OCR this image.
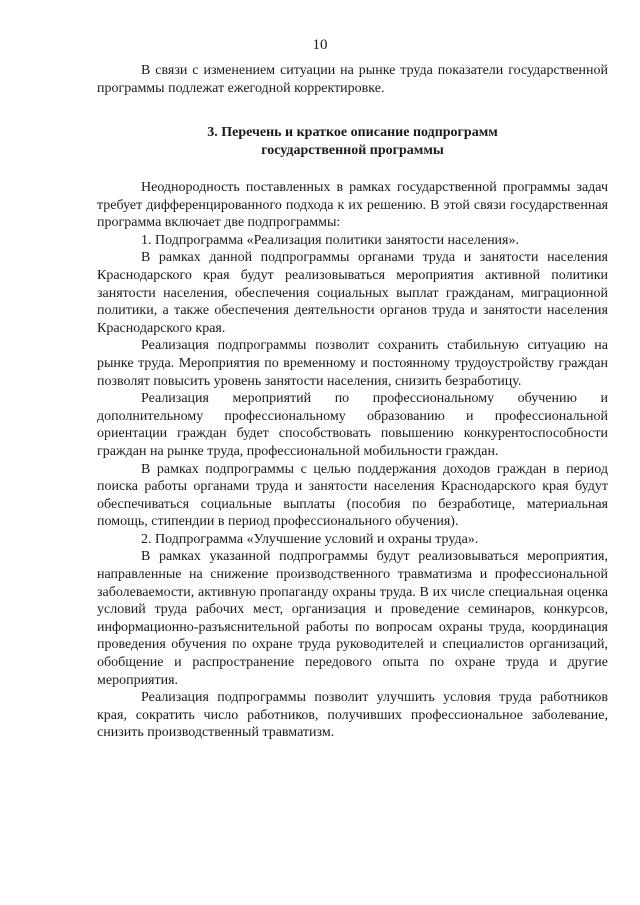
10

В связи с изменением ситуации на рынке труда показатели государственной программы подлежат ежегодной корректировке.

3. Перечень и краткое описание подпрограмм
государственной программы

Неоднородность поставленных в рамках государственной программы задач требует дифференцированного подхода к их решению. В этой связи государственная программа включает две подпрограммы:

1. Подпрограмма «Реализация политики занятости населения».

В рамках данной подпрограммы органами труда и занятости населения Краснодарского края будут реализовываться мероприятия активной политики занятости населения, обеспечения социальных выплат гражданам, миграционной политики, а также обеспечения деятельности органов труда и занятости населения Краснодарского края.

Реализация подпрограммы позволит сохранить стабильную ситуацию на рынке труда. Мероприятия по временному и постоянному трудоустройству граждан позволят повысить уровень занятости населения, снизить безработицу.

Реализация мероприятий по профессиональному обучению и дополнительному профессиональному образованию и профессиональной ориентации граждан будет способствовать повышению конкурентоспособности граждан на рынке труда, профессиональной мобильности граждан.

В рамках подпрограммы с целью поддержания доходов граждан в период поиска работы органами труда и занятости населения Краснодарского края будут обеспечиваться социальные выплаты (пособия по безработице, материальная помощь, стипендии в период профессионального обучения).

2. Подпрограмма «Улучшение условий и охраны труда».

В рамках указанной подпрограммы будут реализовываться мероприятия, направленные на снижение производственного травматизма и профессиональной заболеваемости, активную пропаганду охраны труда. В их числе специальная оценка условий труда рабочих мест, организация и проведение семинаров, конкурсов, информационно-разъяснительной работы по вопросам охраны труда, координация проведения обучения по охране труда руководителей и специалистов организаций, обобщение и распространение передового опыта по охране труда и другие мероприятия.

Реализация подпрограммы позволит улучшить условия труда работников края, сократить число работников, получивших профессиональное заболевание, снизить производственный травматизм.
